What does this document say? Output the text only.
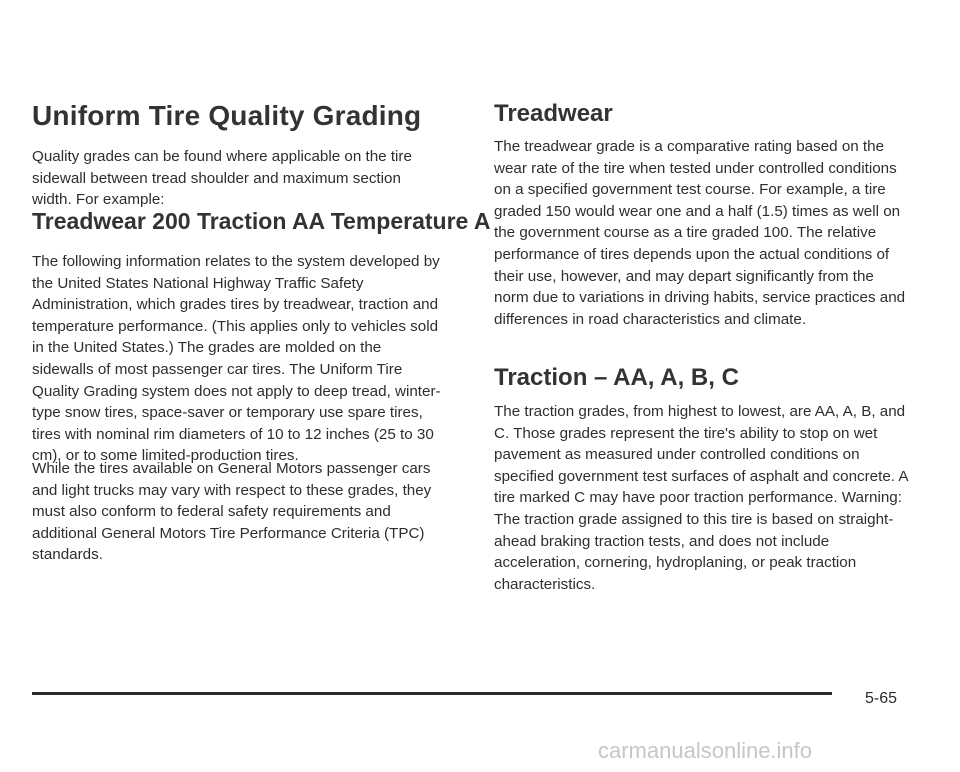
Uniform Tire Quality Grading

Quality grades can be found where applicable on the tire sidewall between tread shoulder and maximum section width. For example:

Treadwear 200 Traction AA Temperature A

The following information relates to the system developed by the United States National Highway Traffic Safety Administration, which grades tires by treadwear, traction and temperature performance. (This applies only to vehicles sold in the United States.) The grades are molded on the sidewalls of most passenger car tires. The Uniform Tire Quality Grading system does not apply to deep tread, winter-type snow tires, space-saver or temporary use spare tires, tires with nominal rim diameters of 10 to 12 inches (25 to 30 cm), or to some limited-production tires.

While the tires available on General Motors passenger cars and light trucks may vary with respect to these grades, they must also conform to federal safety requirements and additional General Motors Tire Performance Criteria (TPC) standards.

Treadwear

The treadwear grade is a comparative rating based on the wear rate of the tire when tested under controlled conditions on a specified government test course. For example, a tire graded 150 would wear one and a half (1.5) times as well on the government course as a tire graded 100. The relative performance of tires depends upon the actual conditions of their use, however, and may depart significantly from the norm due to variations in driving habits, service practices and differences in road characteristics and climate.

Traction – AA, A, B, C

The traction grades, from highest to lowest, are AA, A, B, and C. Those grades represent the tire's ability to stop on wet pavement as measured under controlled conditions on specified government test surfaces of asphalt and concrete. A tire marked C may have poor traction performance. Warning: The traction grade assigned to this tire is based on straight-ahead braking traction tests, and does not include acceleration, cornering, hydroplaning, or peak traction characteristics.

5-65
carmanualsonline.info
